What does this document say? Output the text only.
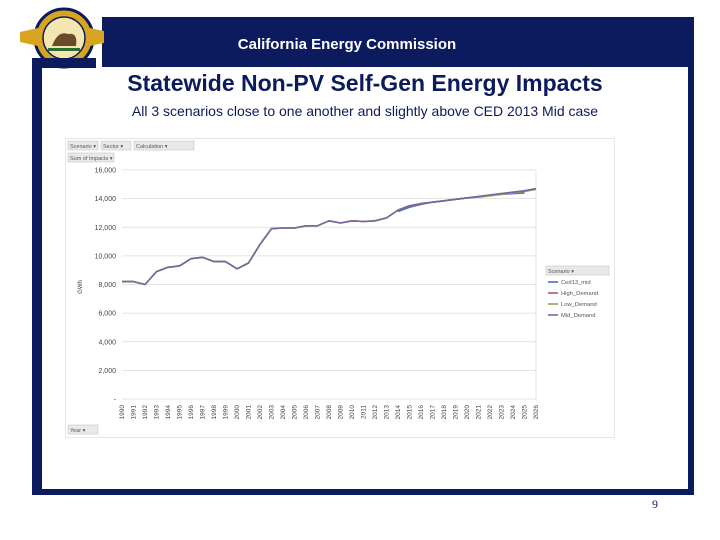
California Energy Commission
Statewide Non-PV Self-Gen Energy Impacts
All 3 scenarios close to one another and slightly above CED 2013 Mid case
9
Scenario ▾ Sector ▾ Calculation ▾
Sum of Impacts ▾
-
2,000
4,000
6,000
8,000
10,000
12,000
14,000
16,000
GWh
1990 1991 1992 1993 1994 1995 1996 1997 1998 1999 2000 2001 2002 2003 2004 2005 2006 2007 2008 2009 2010 2011 2012 2013 2014 2015 2016 2017 2018 2019 2020 2021 2022 2023 2024 2025 2026
Scenario ▾
Ced13_mid
High_Demand
Low_Demand
Mid_Demand
Year ▾
